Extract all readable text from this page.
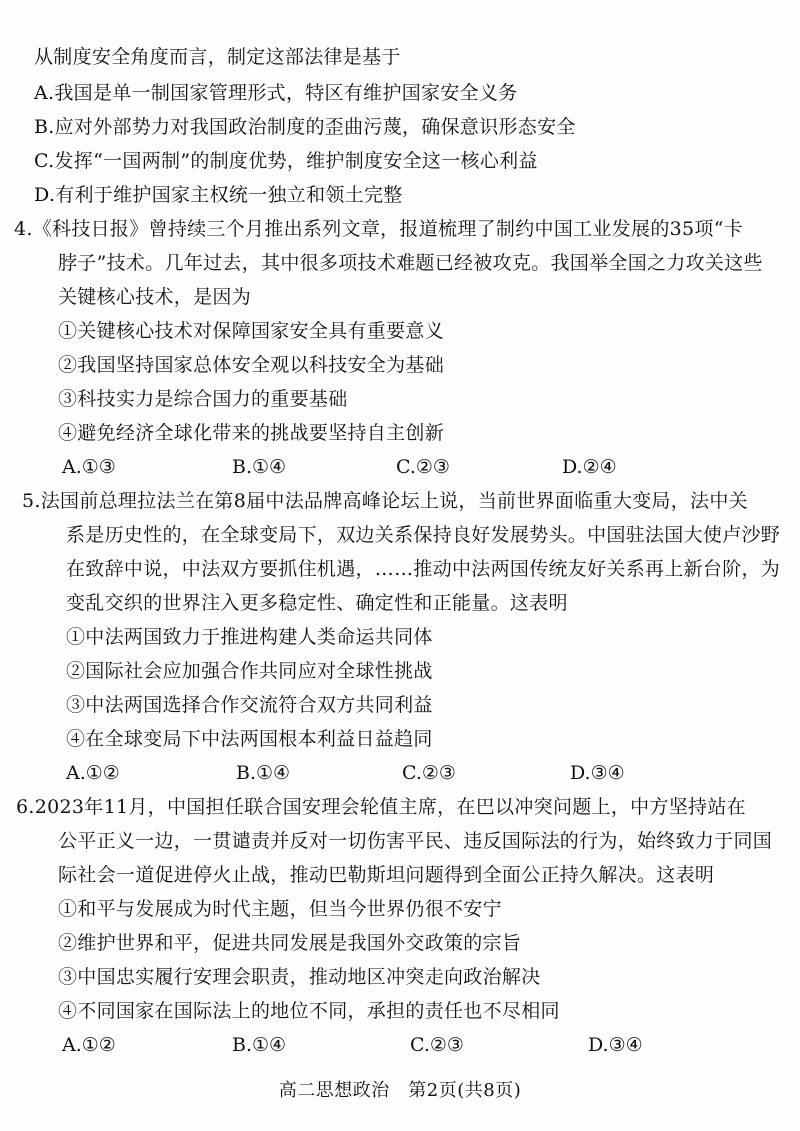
从制度安全角度而言，制定这部法律是基于
A.我国是单一制国家管理形式，特区有维护国家安全义务
B.应对外部势力对我国政治制度的歪曲污蔑，确保意识形态安全
C.发挥“一国两制”的制度优势，维护制度安全这一核心利益
D.有利于维护国家主权统一独立和领土完整
4.《科技日报》曾持续三个月推出系列文章，报道梳理了制约中国工业发展的35项“卡
脖子”技术。几年过去，其中很多项技术难题已经被攻克。我国举全国之力攻关这些
关键核心技术，是因为
①关键核心技术对保障国家安全具有重要意义
②我国坚持国家总体安全观以科技安全为基础
③科技实力是综合国力的重要基础
④避免经济全球化带来的挑战要坚持自主创新
A.①③	B.①④	C.②③	D.②④
5.法国前总理拉法兰在第8届中法品牌高峰论坛上说，当前世界面临重大变局，法中关
系是历史性的，在全球变局下，双边关系保持良好发展势头。中国驻法国大使卢沙野
在致辞中说，中法双方要抓住机遇，……推动中法两国传统友好关系再上新台阶，为
变乱交织的世界注入更多稳定性、确定性和正能量。这表明
①中法两国致力于推进构建人类命运共同体
②国际社会应加强合作共同应对全球性挑战
③中法两国选择合作交流符合双方共同利益
④在全球变局下中法两国根本利益日益趋同
A.①②	B.①④	C.②③	D.③④
6.2023年11月，中国担任联合国安理会轮值主席，在巴以冲突问题上，中方坚持站在
公平正义一边，一贯谴责并反对一切伤害平民、违反国际法的行为，始终致力于同国
际社会一道促进停火止战，推动巴勒斯坦问题得到全面公正持久解决。这表明
①和平与发展成为时代主题，但当今世界仍很不安宁
②维护世界和平，促进共同发展是我国外交政策的宗旨
③中国忠实履行安理会职责，推动地区冲突走向政治解决
④不同国家在国际法上的地位不同，承担的责任也不尽相同
A.①②	B.①④	C.②③	D.③④
高二思想政治　第2页(共8页)
